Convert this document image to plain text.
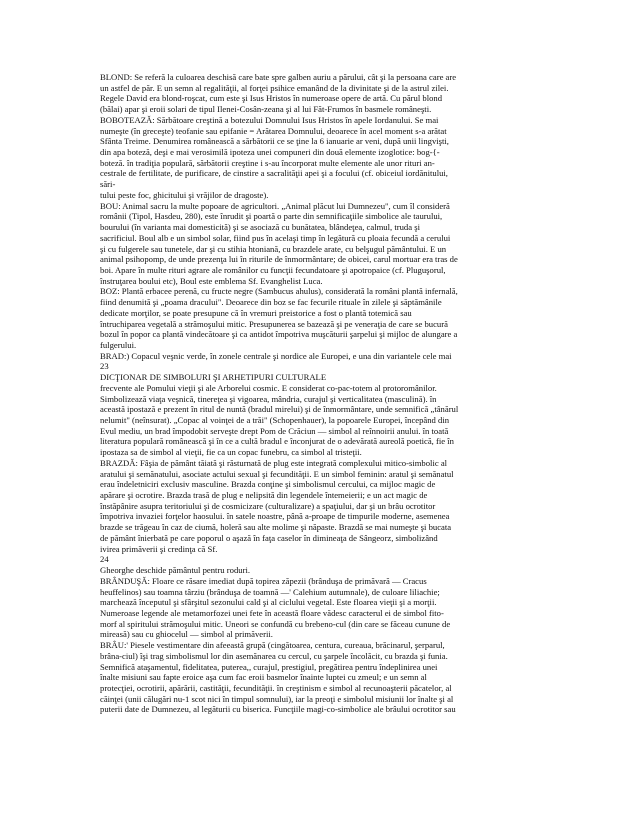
BLOND: Se referă la culoarea deschisă care bate spre galben auriu a părului, cât şi la persoana care are
un astfel de păr. E un semn al regalităţii, al forţei psihice emanând de la divinitate şi de la astrul zilei.
Regele David era blond-roşcat, cum este şi Isus Hristos în numeroase opere de artă. Cu părul blond
(bălai) apar şi eroii solari de tipul Ilenei-Cosân-zeana şi al lui Făt-Frumos în basmele româneşti.
BOBOTEAZĂ: Sărbătoare creştină a botezului Domnului Isus Hristos în apele Iordanului. Se mai
numeşte (în greceşte) teofanie sau epifanie = Arătarea Domnului, deoarece în acel moment s-a arătat
Sfânta Treime. Denumirea românească a sărbătorii ce se ţine la 6 ianuarie ar veni, după unii lingvişti,
din apa boteză, deşi e mai verosimilă ipoteza unei compuneri din două elemente izoglotice: bog-{-
boteză. în tradiţia populară, sărbătorii creştine i s-au încorporat multe elemente ale unor rituri an-
cestrale de fertilitate, de purificare, de cinstire a sacralităţii apei şi a focului (cf. obiceiul iordănitului,
sări-
tului peste foc, ghicitului şi vrăjilor de dragoste).
BOU: Animal sacru la multe popoare de agricultori. „Animal plăcut lui Dumnezeu", cum îl consideră
românii (Tipol, Hasdeu, 280), este înrudit şi poartă o parte din semnificaţiile simbolice ale taurului,
bourului (în varianta mai domesticită) şi se asociază cu bunătatea, blândeţea, calmul, truda şi
sacrificiul. Boul alb e un simbol solar, fiind pus în acelaşi timp în legătură cu ploaia fecundă a cerului
şi cu fulgerele sau tunetele, dar şi cu stihia htoniană, cu brazdele arate, cu belşugul pământului. E un
animal psihopomp, de unde prezenţa lui în riturile de înmormântare; de obicei, carul mortuar era tras de
boi. Apare în multe rituri agrare ale românilor cu funcţii fecundatoare şi apotropaice (cf. Pluguşorul,
înstruţarea boului etc), Boul este emblema Sf. Evanghelist Luca.
BOZ: Plantă erbacee perenă, cu fructe negre (Sambucus ahulus), considerată la români plantă infernală,
fiind denumită şi „poama dracului". Deoarece din boz se fac fecurile rituale în zilele şi săptămânile
dedicate morţilor, se poate presupune că în vremuri preistorice a fost o plantă totemică sau
întruchiparea vegetală a strămoşului mitic. Presupunerea se bazează şi pe veneraţia de care se bucură
bozul în popor ca plantă vindecătoare şi ca antidot împotriva muşcăturii şarpelui şi mijloc de alungare a
fulgerului.
BRAD:) Copacul veşnic verde, în zonele centrale şi nordice ale Europei, e una din variantele cele mai
23
DICŢIONAR DE SIMBOLURI ŞI ARHETIPURI CULTURALE
frecvente ale Pomului vieţii şi ale Arborelui cosmic. E considerat co-pac-totem al protoromânilor.
Simbolizează viaţa veşnică, tinereţea şi vigoarea, mândria, curajul şi verticalitatea (masculină). în
această ipostază e prezent în ritul de nuntă (bradul mirelui) şi de înmormântare, unde semnifică „tânărul
nelumit" (neînsurat). „Copac al voinţei de a trăi" (Schopenhauer), la popoarele Europei, începând din
Evul mediu, un brad împodobit serveşte drept Pom de Crăciun — simbol al reînnoirii anului. în toată
literatura populară românească şi în ce a cultă bradul e înconjurat de o adevărată aureolă poetică, fie în
ipostaza sa de simbol al vieţii, fie ca un copac funebru, ca simbol al tristeţii.
BRAZDĂ: Fâşia de pământ tăiată şi răsturnată de plug este integrată complexului mitico-simbolic al
aratului şi semănatului, asociate actului sexual şi fecundităţii. E un simbol feminin: aratul şi semănatul
erau îndeletniciri exclusiv masculine. Brazda conţine şi simbolismul cercului, ca mijloc magic de
apărare şi ocrotire. Brazda trasă de plug e nelipsită din legendele întemeierii; e un act magic de
înstăpânire asupra teritoriului şi de cosmicizare (culturalizare) a spaţiului, dar şi un brâu ocrotitor
împotriva invaziei forţelor haosului. în satele noastre, până a-proape de timpurile moderne, asemenea
brazde se trăgeau în caz de ciumă, holeră sau alte molime şi năpaste. Brazdă se mai numeşte şi bucata
de pământ înierbată pe care poporul o aşază în faţa caselor în dimineaţa de Sângeorz, simbolizând
ivirea primăverii şi credinţa că Sf.
24
Gheorghe deschide pământul pentru roduri.
BRÂNDUŞĂ: Floare ce răsare imediat după topirea zăpezii (brânduşa de primăvară — Cracus
heuffelinos) sau toamna târziu (brânduşa de toamnă —' Calehium autumnale), de culoare liliachie;
marchează începutul şi sfârşitul sezonului cald şi al ciclului vegetal. Este floarea vieţii şi a morţii.
Numeroase legende ale metamorfozei unei fete în această floare vădesc caracterul ei de simbol fito-
morf al spiritului strămoşului mitic. Uneori se confundă cu brebeno-cul (din care se făceau cunune de
mireasă) sau cu ghiocelul — simbol al primăverii.
BRÂU:' Piesele vestimentare din afeeastă grupă (cingătoarea, centura, cureaua, brăcinarul, şerparul,
brâna-ciul) îşi trag simbolismul lor din asemănarea cu cercul, cu şarpele încolăcit, cu brazda şi funia.
Semnifică ataşamentul, fidelitatea, puterea,, curajul, prestigiul, pregătirea pentru îndeplinirea unei
înalte misiuni sau fapte eroice aşa cum fac eroii basmelor înainte luptei cu zmeul; e un semn al
protecţiei, ocrotirii, apărării, castităţii, fecundităţii. în creştinism e simbol al recunoaşterii păcatelor, al
căinţei (unii călugări nu-1 scot nici în timpul somnului), iar la preoţi e simbolul misiunii lor înalte şi al
puterii date de Dumnezeu, al legăturii cu biserica. Funcţiile magi-co-simbolice ale brâului ocrotitor sau
